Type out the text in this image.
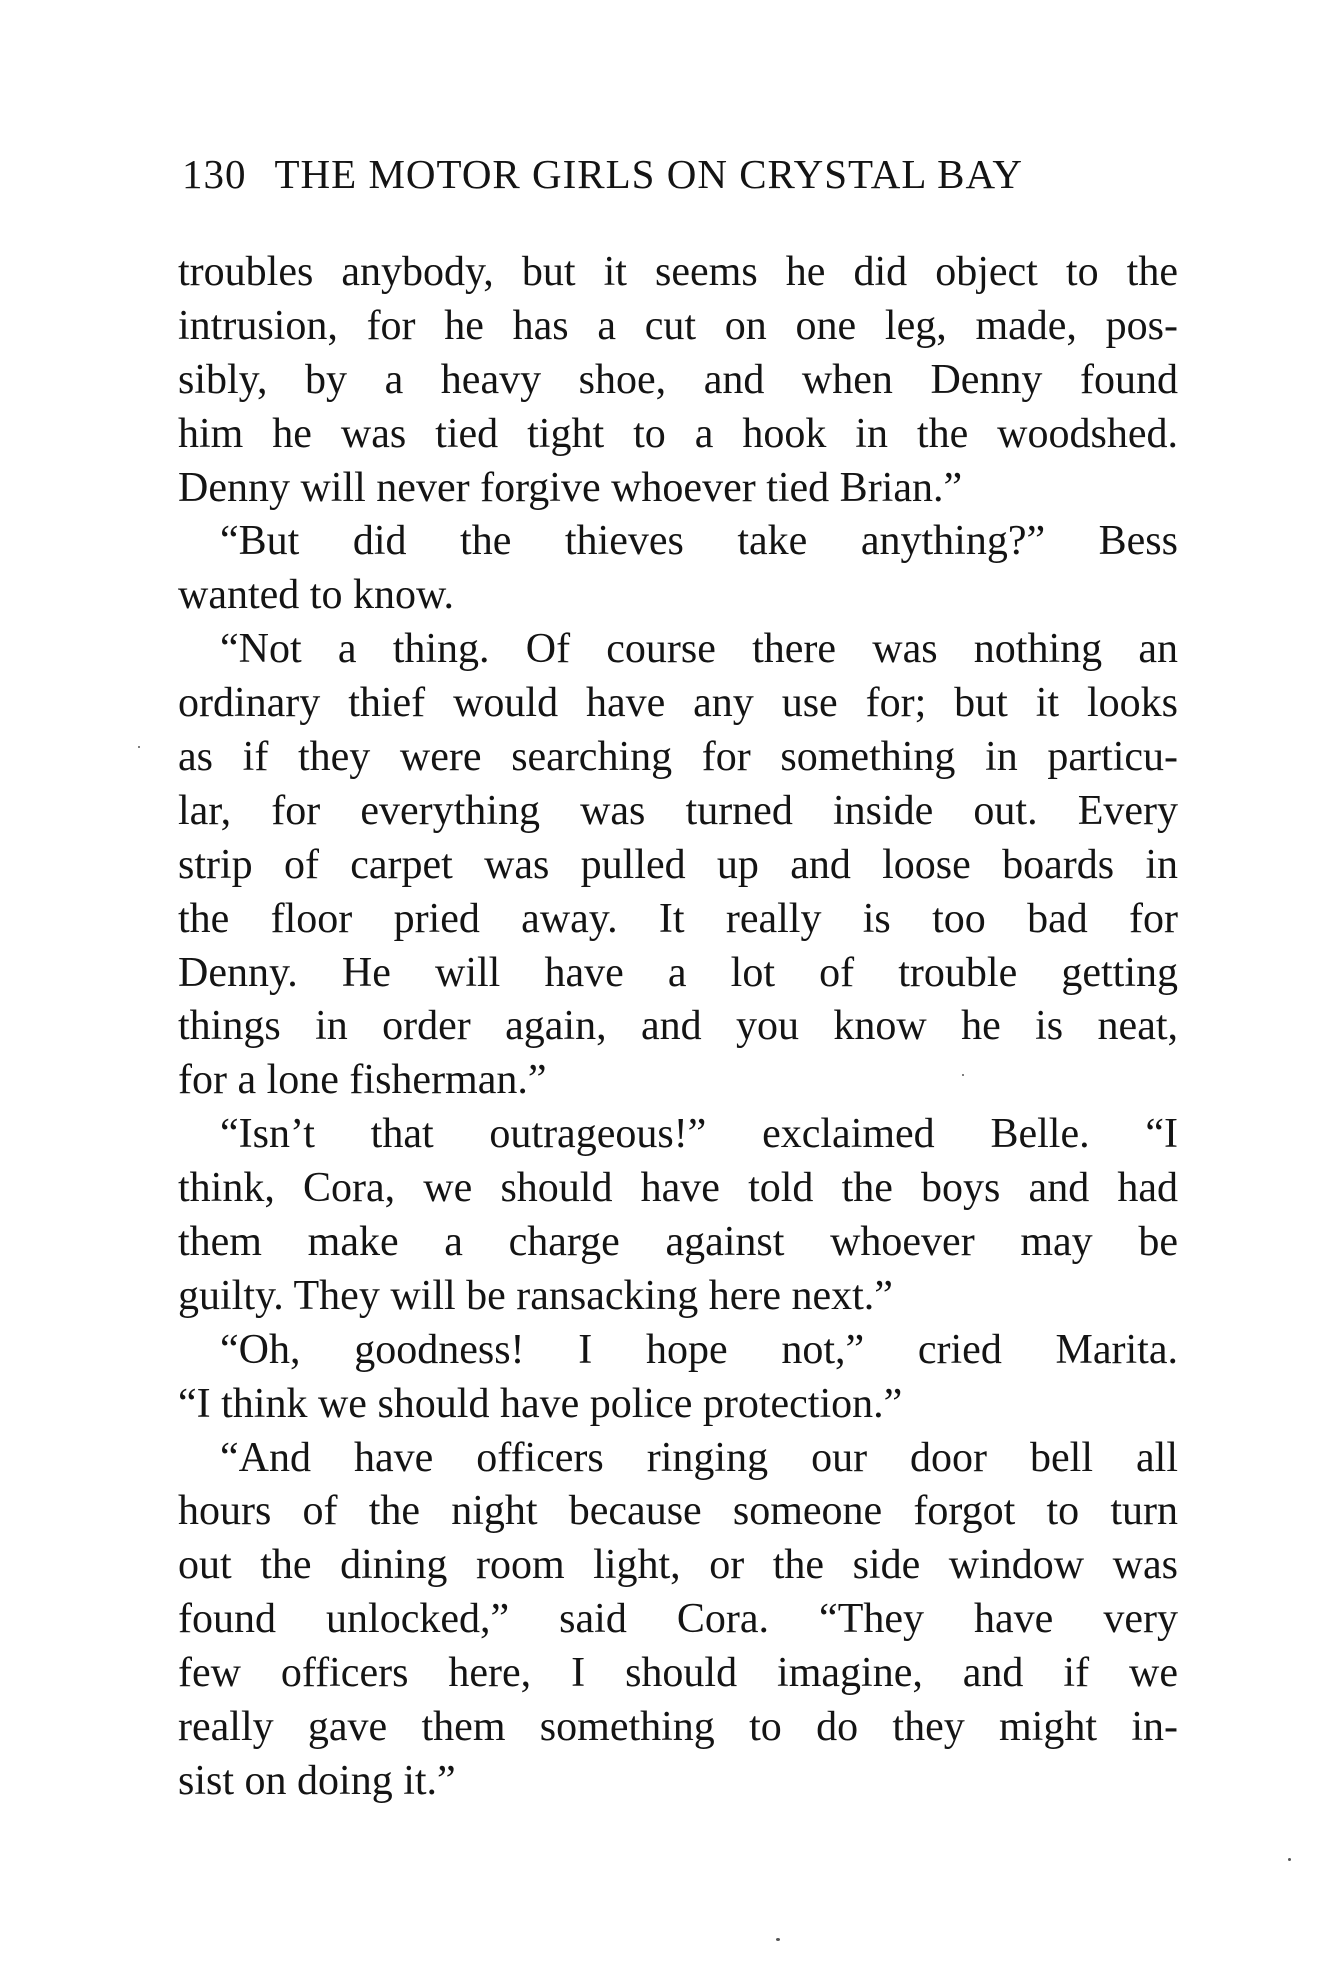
130 THE MOTOR GIRLS ON CRYSTAL BAY
troubles anybody, but it seems he did object to the
intrusion, for he has a cut on one leg, made, pos-
sibly, by a heavy shoe, and when Denny found
him he was tied tight to a hook in the woodshed.
Denny will never forgive whoever tied Brian.”
“But did the thieves take anything?” Bess
wanted to know.
“Not a thing. Of course there was nothing an
ordinary thief would have any use for; but it looks
as if they were searching for something in particu-
lar, for everything was turned inside out. Every
strip of carpet was pulled up and loose boards in
the floor pried away. It really is too bad for
Denny. He will have a lot of trouble getting
things in order again, and you know he is neat,
for a lone fisherman.”
“Isn’t that outrageous!” exclaimed Belle. “I
think, Cora, we should have told the boys and had
them make a charge against whoever may be
guilty. They will be ransacking here next.”
“Oh, goodness! I hope not,” cried Marita.
“I think we should have police protection.”
“And have officers ringing our door bell all
hours of the night because someone forgot to turn
out the dining room light, or the side window was
found unlocked,” said Cora. “They have very
few officers here, I should imagine, and if we
really gave them something to do they might in-
sist on doing it.”
